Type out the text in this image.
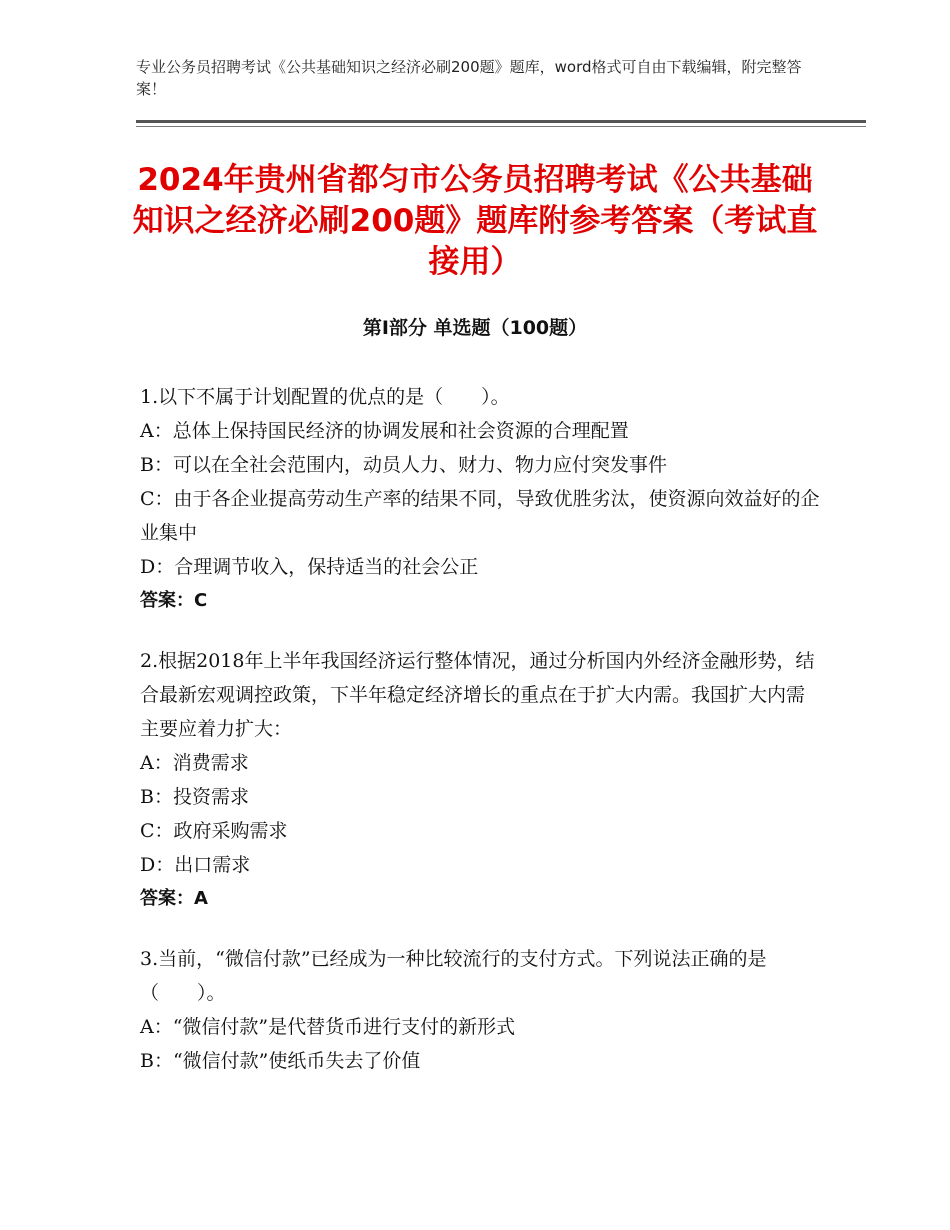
专业公务员招聘考试《公共基础知识之经济必刷200题》题库，word格式可自由下载编辑，附完整答案！
2024年贵州省都匀市公务员招聘考试《公共基础知识之经济必刷200题》题库附参考答案（考试直接用）
第Ⅰ部分 单选题（100题）

1.以下不属于计划配置的优点的是（　　）。

A：总体上保持国民经济的协调发展和社会资源的合理配置

B：可以在全社会范围内，动员人力、财力、物力应付突发事件

C：由于各企业提高劳动生产率的结果不同，导致优胜劣汰，使资源向效益好的企业集中

D：合理调节收入，保持适当的社会公正

答案：C

2.根据2018年上半年我国经济运行整体情况，通过分析国内外经济金融形势，结合最新宏观调控政策，下半年稳定经济增长的重点在于扩大内需。我国扩大内需主要应着力扩大：

A：消费需求

B：投资需求

C：政府采购需求

D：出口需求

答案：A

3.当前，“微信付款”已经成为一种比较流行的支付方式。下列说法正确的是（　　）。

A：“微信付款”是代替货币进行支付的新形式

B：“微信付款”使纸币失去了价值
